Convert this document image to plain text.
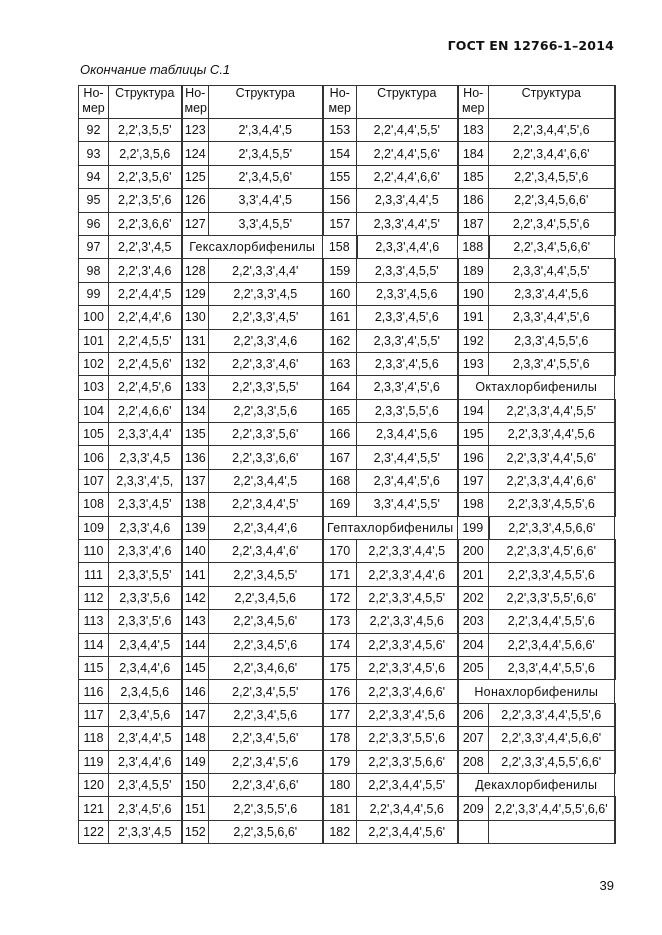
ГОСТ EN 12766-1–2014
Окончание таблицы С.1
Но-
мер	Структура	Но-
мер	Структура	Но-
мер	Структура	Но-
мер	Структура
92	2,2',3,5,5'	123	2',3,4,4',5	153	2,2',4,4',5,5'	183	2,2',3,4,4',5',6
93	2,2',3,5,6	124	2',3,4,5,5'	154	2,2',4,4',5,6'	184	2,2',3,4,4',6,6'
94	2,2',3,5,6'	125	2',3,4,5,6'	155	2,2',4,4',6,6'	185	2,2',3,4,5,5',6
95	2,2',3,5',6	126	3,3',4,4',5	156	2,3,3',4,4',5	186	2,2',3,4,5,6,6'
96	2,2',3,6,6'	127	3,3',4,5,5'	157	2,3,3',4,4',5'	187	2,2',3,4',5,5',6
97	2,2',3',4,5	Гексахлорбифенилы		158	2,3,3',4,4',6	188	2,2',3,4',5,6,6'
98	2,2',3',4,6	128	2,2',3,3',4,4'	159	2,3,3',4,5,5'	189	2,3,3',4,4',5,5'
99	2,2',4,4',5	129	2,2',3,3',4,5	160	2,3,3',4,5,6	190	2,3,3',4,4',5,6
100	2,2',4,4',6	130	2,2',3,3',4,5'	161	2,3,3',4,5',6	191	2,3,3',4,4',5',6
101	2,2',4,5,5'	131	2,2',3,3',4,6	162	2,3,3',4',5,5'	192	2,3,3',4,5,5',6
102	2,2',4,5,6'	132	2,2',3,3',4,6'	163	2,3,3',4',5,6	193	2,3,3',4',5,5',6
103	2,2',4,5',6	133	2,2',3,3',5,5'	164	2,3,3',4',5',6	Октахлорбифенилы	
104	2,2',4,6,6'	134	2,2',3,3',5,6	165	2,3,3',5,5',6	194	2,2',3,3',4,4',5,5'
105	2,3,3',4,4'	135	2,2',3,3',5,6'	166	2,3,4,4',5,6	195	2,2',3,3',4,4',5,6
106	2,3,3',4,5	136	2,2',3,3',6,6'	167	2,3',4,4',5,5'	196	2,2',3,3',4,4',5,6'
107	2,3,3',4',5,	137	2,2',3,4,4',5	168	2,3',4,4',5',6	197	2,2',3,3',4,4',6,6'
108	2,3,3',4,5'	138	2,2',3,4,4',5'	169	3,3',4,4',5,5'	198	2,2',3,3',4,5,5',6
109	2,3,3',4,6	139	2,2',3,4,4',6	Гептахлорбифенилы		199	2,2',3,3',4,5,6,6'
110	2,3,3',4',6	140	2,2',3,4,4',6'	170	2,2',3,3',4,4',5	200	2,2',3,3',4,5',6,6'
111	2,3,3',5,5'	141	2,2',3,4,5,5'	171	2,2',3,3',4,4',6	201	2,2',3,3',4,5,5',6
112	2,3,3',5,6	142	2,2',3,4,5,6	172	2,2',3,3',4,5,5'	202	2,2',3,3',5,5',6,6'
113	2,3,3',5',6	143	2,2',3,4,5,6'	173	2,2',3,3',4,5,6	203	2,2',3,4,4',5,5',6
114	2,3,4,4',5	144	2,2',3,4,5',6	174	2,2',3,3',4,5,6'	204	2,2',3,4,4',5,6,6'
115	2,3,4,4',6	145	2,2',3,4,6,6'	175	2,2',3,3',4,5',6	205	2,3,3',4,4',5,5',6
116	2,3,4,5,6	146	2,2',3,4',5,5'	176	2,2',3,3',4,6,6'	Нонахлорбифенилы	
117	2,3,4',5,6	147	2,2',3,4',5,6	177	2,2',3,3',4',5,6	206	2,2',3,3',4,4',5,5',6
118	2,3',4,4',5	148	2,2',3,4',5,6'	178	2,2',3,3',5,5',6	207	2,2',3,3',4,4',5,6,6'
119	2,3',4,4',6	149	2,2',3,4',5',6	179	2,2',3,3',5,6,6'	208	2,2',3,3',4,5,5',6,6'
120	2,3',4,5,5'	150	2,2',3,4',6,6'	180	2,2',3,4,4',5,5'	Декахлорбифенилы	
121	2,3',4,5',6	151	2,2',3,5,5',6	181	2,2',3,4,4',5,6	209	2,2',3,3',4,4',5,5',6,6'
122	2',3,3',4,5	152	2,2',3,5,6,6'	182	2,2',3,4,4',5,6'		
39
